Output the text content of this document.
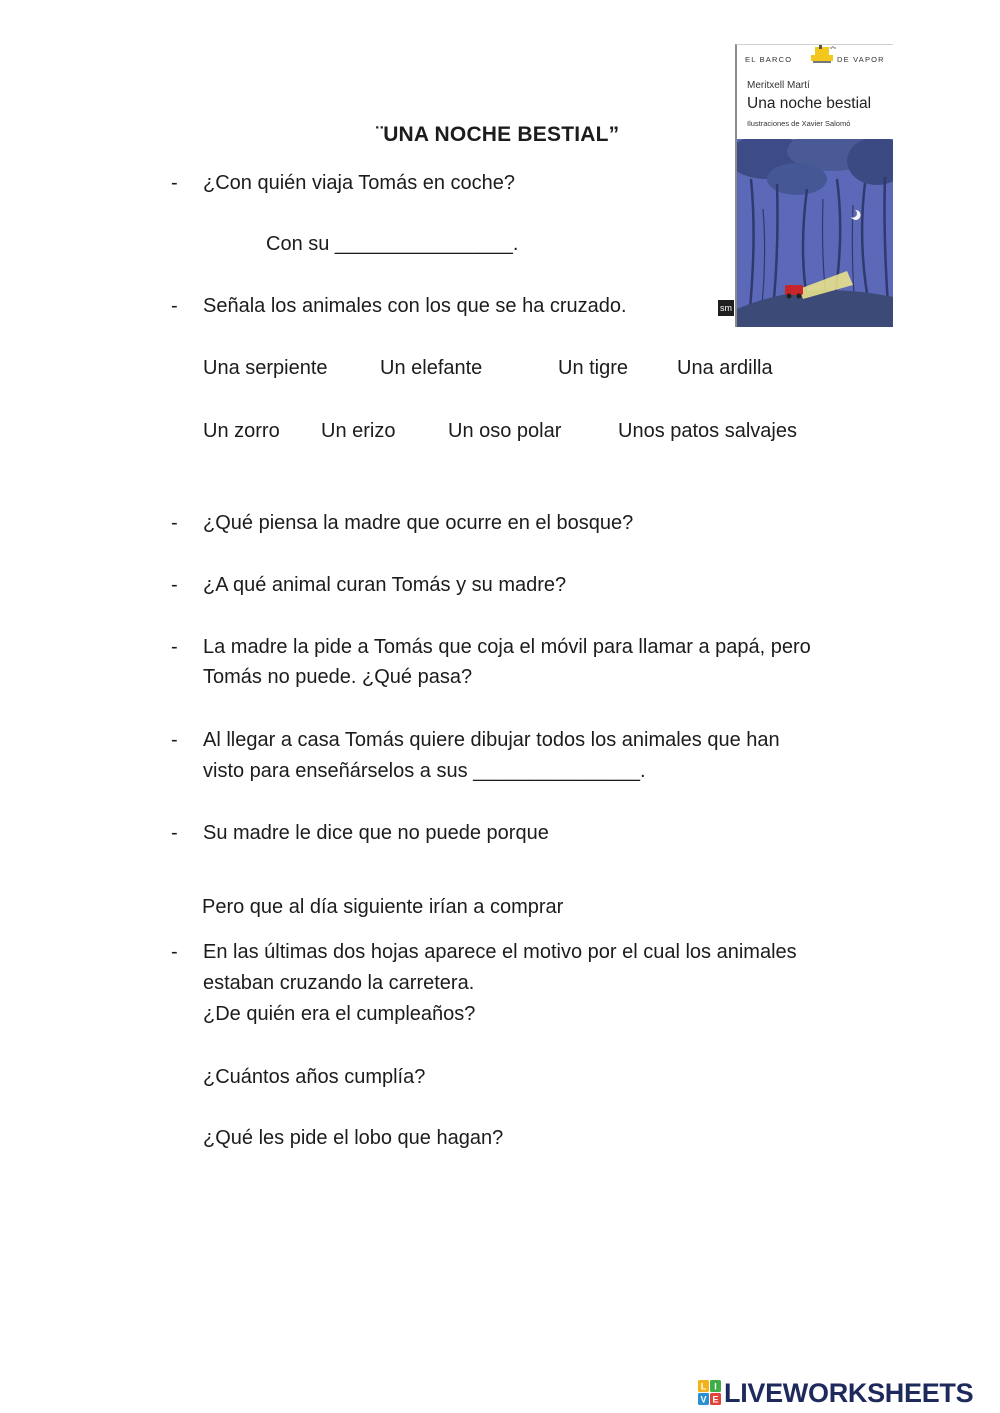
¨UNA NOCHE BESTIAL”
- ¿Con quién viaja Tomás en coche?
Con su ________________.
- Señala los animales con los que se ha cruzado.
Una serpiente	Un elefante	Un tigre Una ardilla
Un zorro Un erizo	Un oso polar	Unos patos salvajes
- ¿Qué piensa la madre que ocurre en el bosque?
- ¿A qué animal curan Tomás y su madre?
- La madre la pide a Tomás que coja el móvil para llamar a papá, pero
Tomás no puede. ¿Qué pasa?
- Al llegar a casa Tomás quiere dibujar todos los animales que han
visto para enseñárselos a sus _______________.
- Su madre le dice que no puede porque
Pero que al día siguiente irían a comprar
- En las últimas dos hojas aparece el motivo por el cual los animales
estaban cruzando la carretera.
¿De quién era el cumpleaños?
¿Cuántos años cumplía?
¿Qué les pide el lobo que hagan?
EL BARCO	DE VAPOR
Meritxell Martí
Una noche bestial
Ilustraciones de Xavier Salomó
sm
L I
V E LIVEWORKSHEETS
